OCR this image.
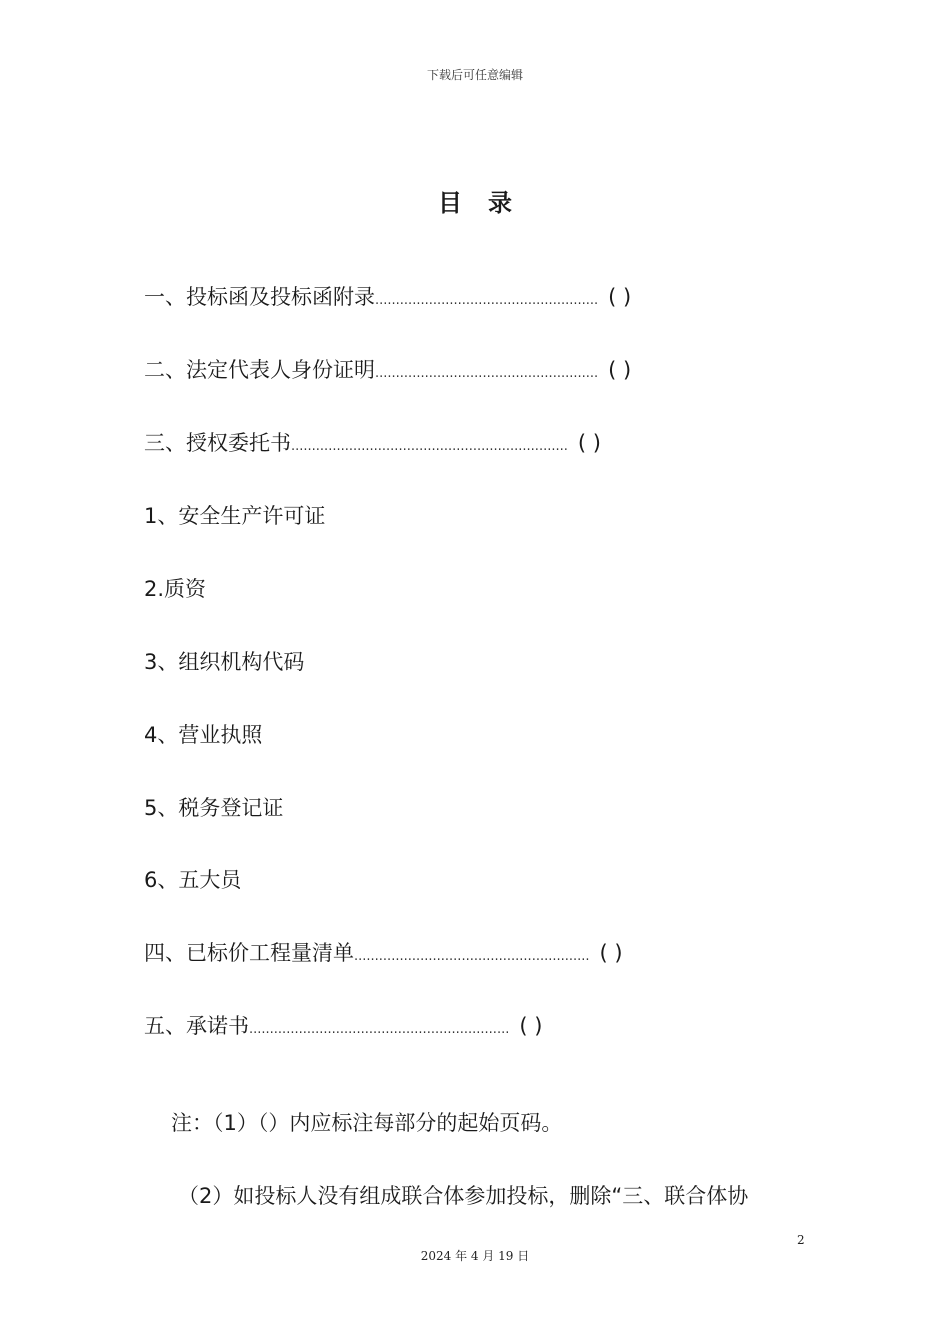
下载后可任意编辑
目录
一、投标函及投标函附录...................................................... ( )
二、法定代表人身份证明...................................................... ( )
三、授权委托书................................................................... ( )
1、安全生产许可证
2.质资
3、组织机构代码
4、营业执照
5、税务登记证
6、五大员
四、已标价工程量清单......................................................... ( )
五、承诺书............................................................... ( )
注：（1）（）内应标注每部分的起始页码。
（2）如投标人没有组成联合体参加投标，删除“三、联合体协
2
2024 年 4 月 19 日
